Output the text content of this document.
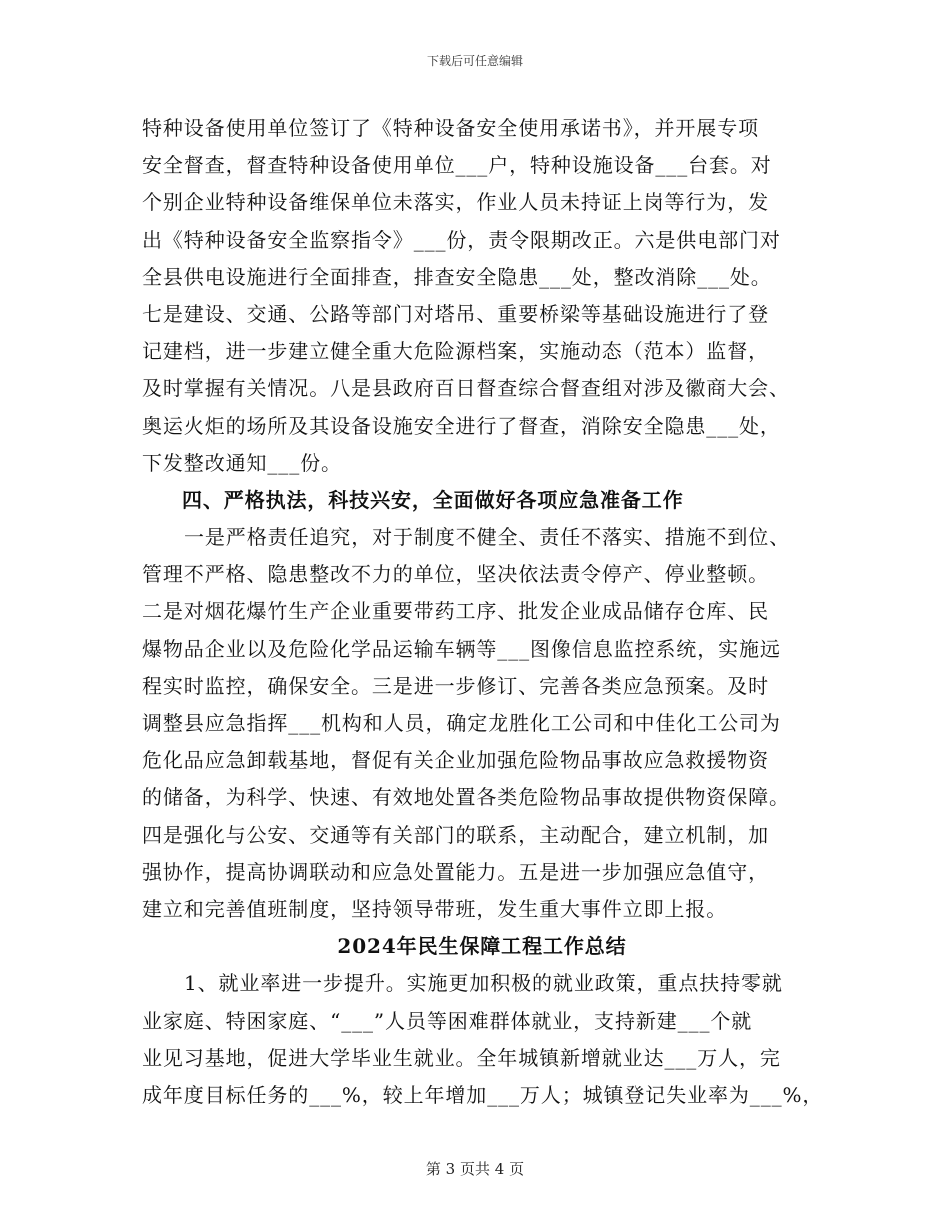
下载后可任意编辑
特种设备使用单位签订了《特种设备安全使用承诺书》，并开展专项
安全督查，督查特种设备使用单位___户，特种设施设备___台套。对
个别企业特种设备维保单位未落实，作业人员未持证上岗等行为，发
出《特种设备安全监察指令》___份，责令限期改正。六是供电部门对
全县供电设施进行全面排查，排查安全隐患___处，整改消除___处。
七是建设、交通、公路等部门对塔吊、重要桥梁等基础设施进行了登
记建档，进一步建立健全重大危险源档案，实施动态（范本）监督，
及时掌握有关情况。八是县政府百日督查综合督查组对涉及徽商大会、
奥运火炬的场所及其设备设施安全进行了督查，消除安全隐患___处，
下发整改通知___份。
四、严格执法，科技兴安，全面做好各项应急准备工作
一是严格责任追究，对于制度不健全、责任不落实、措施不到位、
管理不严格、隐患整改不力的单位，坚决依法责令停产、停业整顿。
二是对烟花爆竹生产企业重要带药工序、批发企业成品储存仓库、民
爆物品企业以及危险化学品运输车辆等___图像信息监控系统，实施远
程实时监控，确保安全。三是进一步修订、完善各类应急预案。及时
调整县应急指挥___机构和人员，确定龙胜化工公司和中佳化工公司为
危化品应急卸载基地，督促有关企业加强危险物品事故应急救援物资
的储备，为科学、快速、有效地处置各类危险物品事故提供物资保障。
四是强化与公安、交通等有关部门的联系，主动配合，建立机制，加
强协作，提高协调联动和应急处置能力。五是进一步加强应急值守，
建立和完善值班制度，坚持领导带班，发生重大事件立即上报。
2024年民生保障工程工作总结
1、就业率进一步提升。实施更加积极的就业政策，重点扶持零就
业家庭、特困家庭、“___”人员等困难群体就业，支持新建___个就
业见习基地，促进大学毕业生就业。全年城镇新增就业达___万人，完
成年度目标任务的___%，较上年增加___万人；城镇登记失业率为___%，
第 3 页共 4 页
